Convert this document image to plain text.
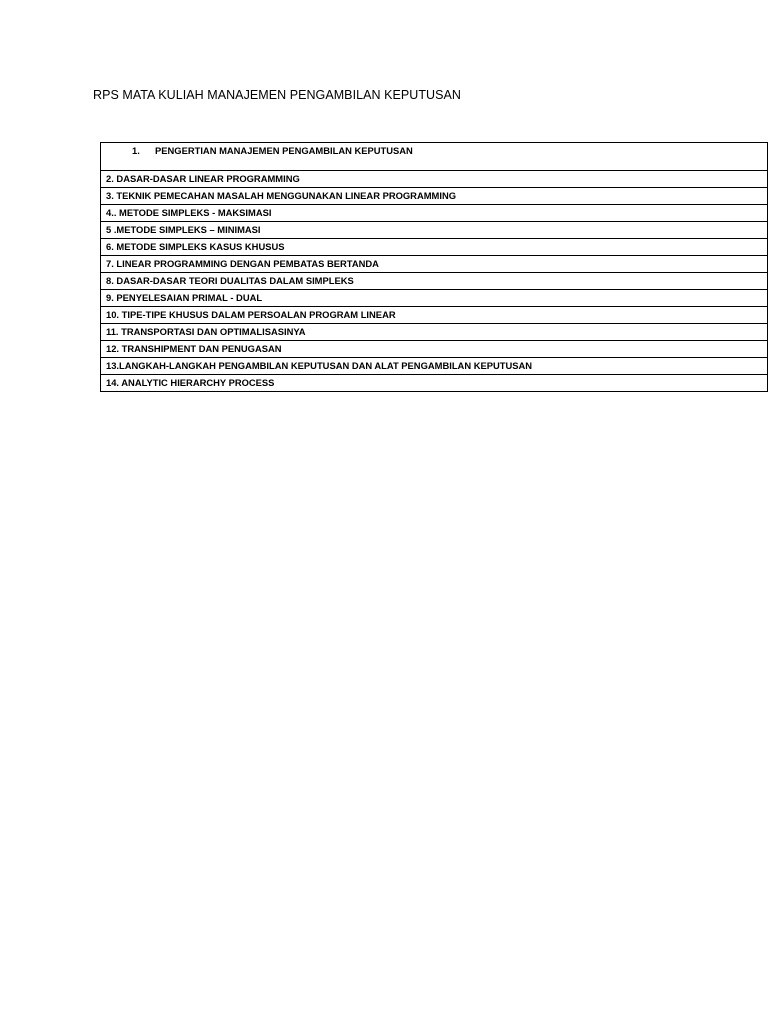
RPS MATA KULIAH MANAJEMEN PENGAMBILAN KEPUTUSAN
1. PENGERTIAN MANAJEMEN PENGAMBILAN KEPUTUSAN
2. DASAR-DASAR LINEAR PROGRAMMING
3. TEKNIK PEMECAHAN MASALAH MENGGUNAKAN LINEAR PROGRAMMING
4.. METODE SIMPLEKS - MAKSIMASI
5 .METODE SIMPLEKS – MINIMASI
6. METODE SIMPLEKS KASUS KHUSUS
7. LINEAR PROGRAMMING DENGAN PEMBATAS BERTANDA
8. DASAR-DASAR TEORI DUALITAS DALAM SIMPLEKS
9. PENYELESAIAN PRIMAL - DUAL
10. TIPE-TIPE KHUSUS DALAM PERSOALAN PROGRAM LINEAR
11. TRANSPORTASI DAN OPTIMALISASINYA
12. TRANSHIPMENT DAN PENUGASAN
13.LANGKAH-LANGKAH PENGAMBILAN KEPUTUSAN DAN ALAT PENGAMBILAN KEPUTUSAN
14. ANALYTIC HIERARCHY PROCESS
